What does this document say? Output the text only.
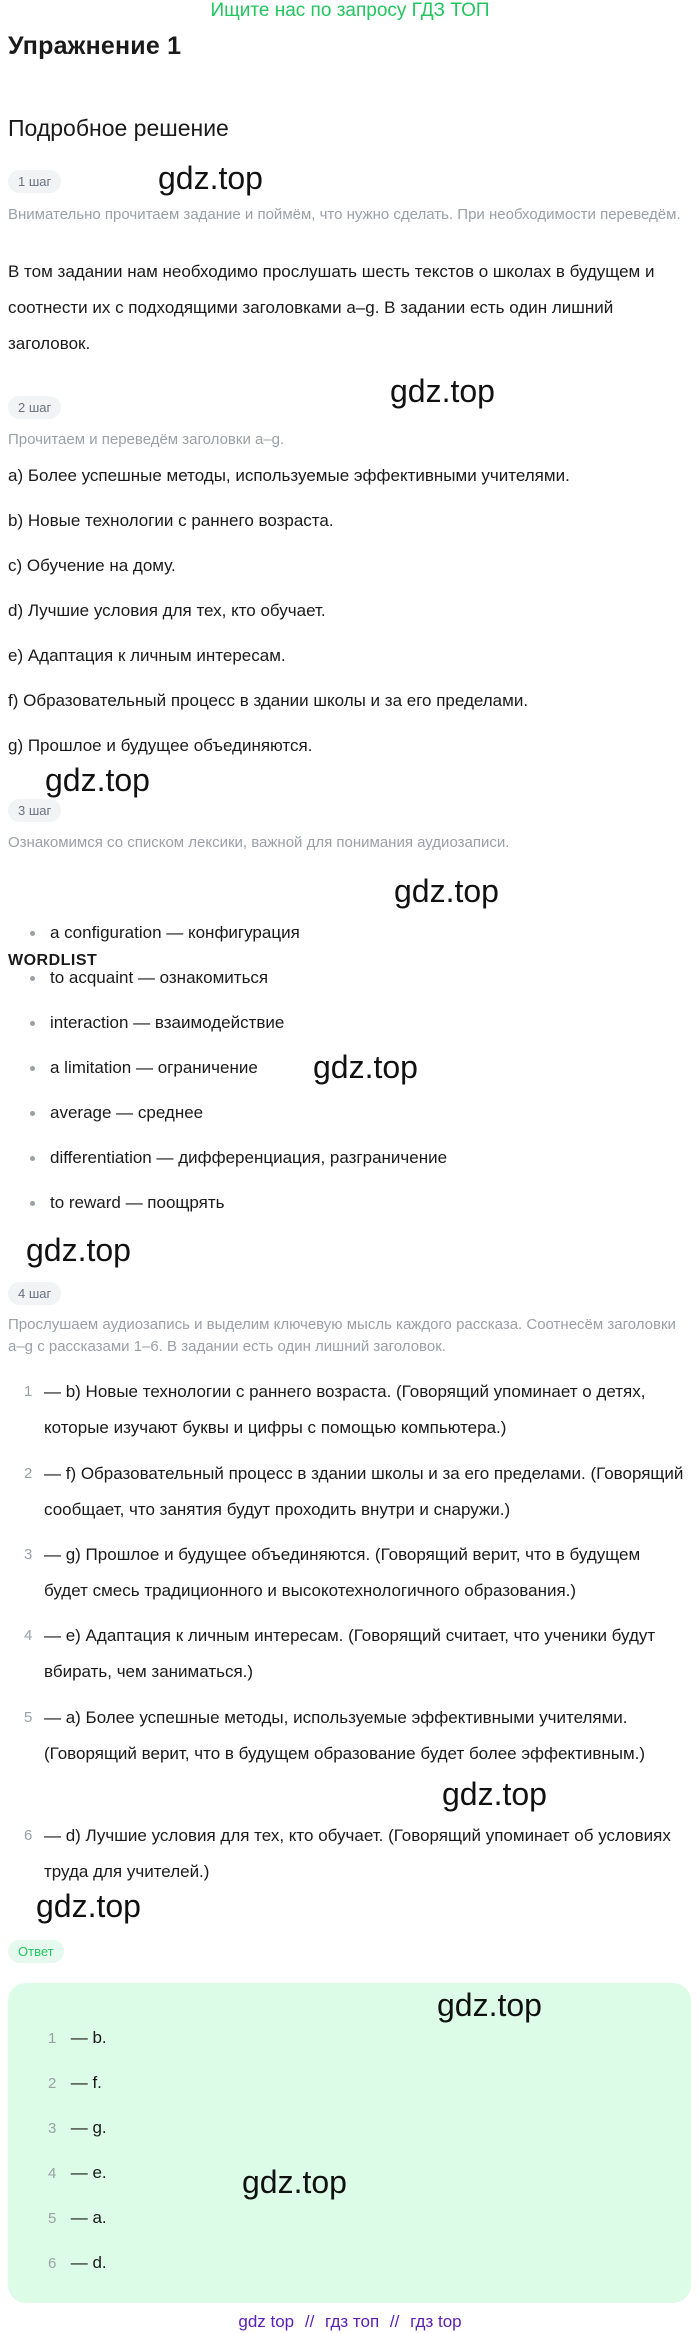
Ищите нас по запросу ГДЗ ТОП
Упражнение 1
Подробное решение
1 шаг	gdz.top
Внимательно прочитаем задание и поймём, что нужно сделать. При необходимости переведём.
В том задании нам необходимо прослушать шесть текстов о школах в будущем и соотнести их с подходящими заголовками a–g. В задании есть один лишний заголовок.
2 шаг	gdz.top
Прочитаем и переведём заголовки a–g.
a) Более успешные методы, используемые эффективными учителями.
b) Новые технологии с раннего возраста.
c) Обучение на дому.
d) Лучшие условия для тех, кто обучает.
e) Адаптация к личным интересам.
f) Образовательный процесс в здании школы и за его пределами.
g) Прошлое и будущее объединяются.
gdz.top
3 шаг
Ознакомимся со списком лексики, важной для понимания аудиозаписи.
WORDLIST
gdz.top
a configuration — конфигурация
to acquaint — ознакомиться
interaction — взаимодействие
a limitation — ограничение
average — среднее
differentiation — дифференциация, разграничение
to reward — поощрять
gdz.top
gdz.top
4 шаг
Прослушаем аудиозапись и выделим ключевую мысль каждого рассказа. Соотнесём заголовки a–g с рассказами 1–6. В задании есть один лишний заголовок.
1 — b) Новые технологии с раннего возраста. (Говорящий упоминает о детях, которые изучают буквы и цифры с помощью компьютера.)
2 — f) Образовательный процесс в здании школы и за его пределами. (Говорящий сообщает, что занятия будут проходить внутри и снаружи.)
3 — g) Прошлое и будущее объединяются. (Говорящий верит, что в будущем будет смесь традиционного и высокотехнологичного образования.)
4 — e) Адаптация к личным интересам. (Говорящий считает, что ученики будут вбирать, чем заниматься.)
5 — a) Более успешные методы, используемые эффективными учителями. (Говорящий верит, что в будущем образование будет более эффективным.)
6 — d) Лучшие условия для тех, кто обучает. (Говорящий упоминает об условиях труда для учителей.)
gdz.top
gdz.top
Ответ
1 — b.
2 — f.
3 — g.
4 — e.
5 — a.
6 — d.
gdz.top
gdz.top
gdz top // гдз топ // гдз top
